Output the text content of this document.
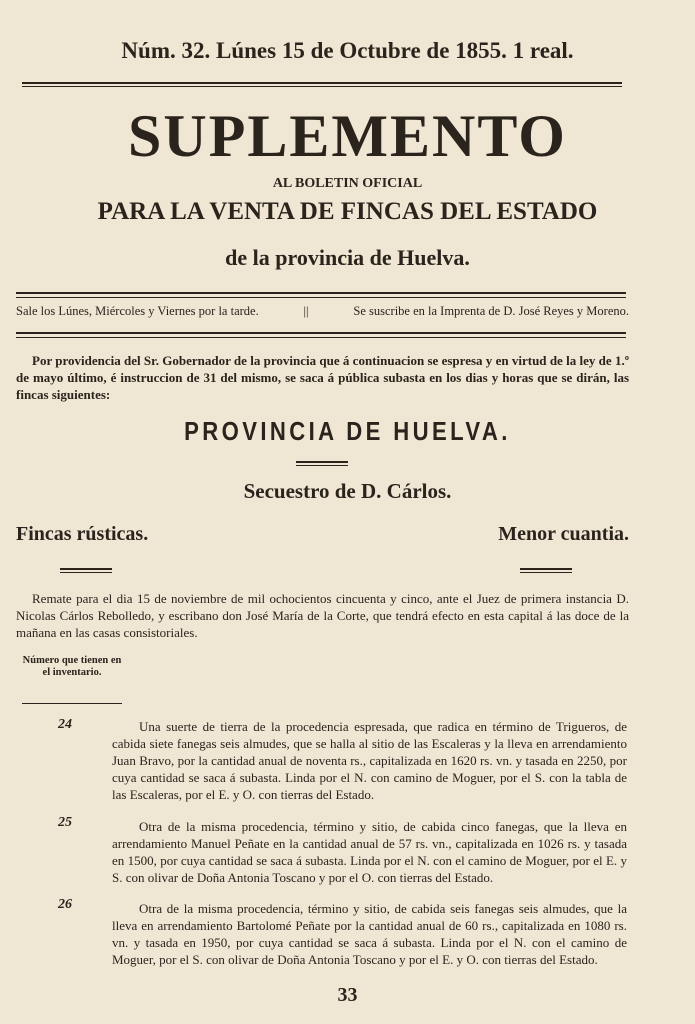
Núm. 32. Lúnes 15 de Octubre de 1855. 1 real.
SUPLEMENTO
AL BOLETIN OFICIAL
PARA LA VENTA DE FINCAS DEL ESTADO
de la provincia de Huelva.
Sale los Lúnes, Miércoles y Viernes por la tarde.	||	Se suscribe en la Imprenta de D. José Reyes y Moreno.
Por providencia del Sr. Gobernador de la provincia que á continuacion se espresa y en virtud de la ley de 1.º de mayo último, é instruccion de 31 del mismo, se saca á pública subasta en los dias y horas que se dirán, las fincas siguientes:
PROVINCIA DE HUELVA.
Secuestro de D. Cárlos.
Fincas rústicas.	Menor cuantia.
Remate para el dia 15 de noviembre de mil ochocientos cincuenta y cinco, ante el Juez de primera instancia D. Nicolas Cárlos Rebolledo, y escribano don José María de la Corte, que tendrá efecto en esta capital á las doce de la mañana en las casas consistoriales.
Número que tienen en el inventario.
24	Una suerte de tierra de la procedencia espresada, que radica en término de Trigueros, de cabida siete fanegas seis almudes, que se halla al sitio de las Escaleras y la lleva en arrendamiento Juan Bravo, por la cantidad anual de noventa rs., capitalizada en 1620 rs. vn. y tasada en 2250, por cuya cantidad se saca á subasta. Linda por el N. con camino de Moguer, por el S. con la tabla de las Escaleras, por el E. y O. con tierras del Estado.
25	Otra de la misma procedencia, término y sitio, de cabida cinco fanegas, que la lleva en arrendamiento Manuel Peñate en la cantidad anual de 57 rs. vn., capitalizada en 1026 rs. y tasada en 1500, por cuya cantidad se saca á subasta. Linda por el N. con el camino de Moguer, por el E. y S. con olivar de Doña Antonia Toscano y por el O. con tierras del Estado.
26	Otra de la misma procedencia, término y sitio, de cabida seis fanegas seis almudes, que la lleva en arrendamiento Bartolomé Peñate por la cantidad anual de 60 rs., capitalizada en 1080 rs. vn. y tasada en 1950, por cuya cantidad se saca á subasta. Linda por el N. con el camino de Moguer, por el S. con olivar de Doña Antonia Toscano y por el E. y O. con tierras del Estado.
33
